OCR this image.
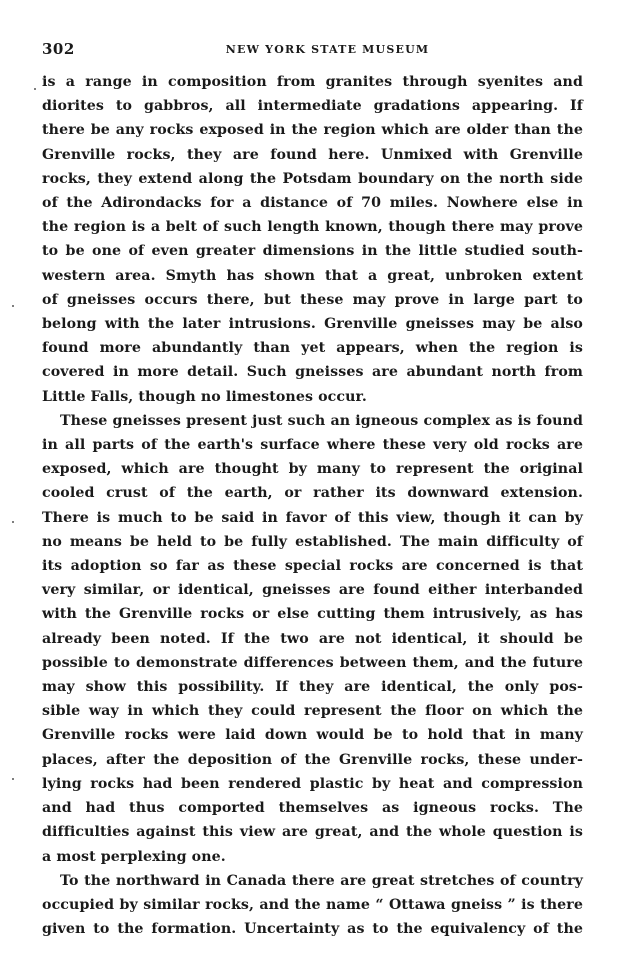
302	NEW YORK STATE MUSEUM

is a range in composition from granites through syenites and
diorites to gabbros, all intermediate gradations appearing. If
there be any rocks exposed in the region which are older than the
Grenville rocks, they are found here. Unmixed with Grenville
rocks, they extend along the Potsdam boundary on the north side
of the Adirondacks for a distance of 70 miles. Nowhere else in
the region is a belt of such length known, though there may prove
to be one of even greater dimensions in the little studied south-
western area. Smyth has shown that a great, unbroken extent
of gneisses occurs there, but these may prove in large part to
belong with the later intrusions. Grenville gneisses may be also
found more abundantly than yet appears, when the region is
covered in more detail. Such gneisses are abundant north from
Little Falls, though no limestones occur.

These gneisses present just such an igneous complex as is found
in all parts of the earth's surface where these very old rocks are
exposed, which are thought by many to represent the original
cooled crust of the earth, or rather its downward extension.
There is much to be said in favor of this view, though it can by
no means be held to be fully established. The main difficulty of
its adoption so far as these special rocks are concerned is that
very similar, or identical, gneisses are found either interbanded
with the Grenville rocks or else cutting them intrusively, as has
already been noted. If the two are not identical, it should be
possible to demonstrate differences between them, and the future
may show this possibility. If they are identical, the only pos-
sible way in which they could represent the floor on which the
Grenville rocks were laid down would be to hold that in many
places, after the deposition of the Grenville rocks, these under-
lying rocks had been rendered plastic by heat and compression
and had thus comported themselves as igneous rocks. The
difficulties against this view are great, and the whole question is
a most perplexing one.

To the northward in Canada there are great stretches of country
occupied by similar rocks, and the name “ Ottawa gneiss ” is there
given to the formation. Uncertainty as to the equivalency of the
